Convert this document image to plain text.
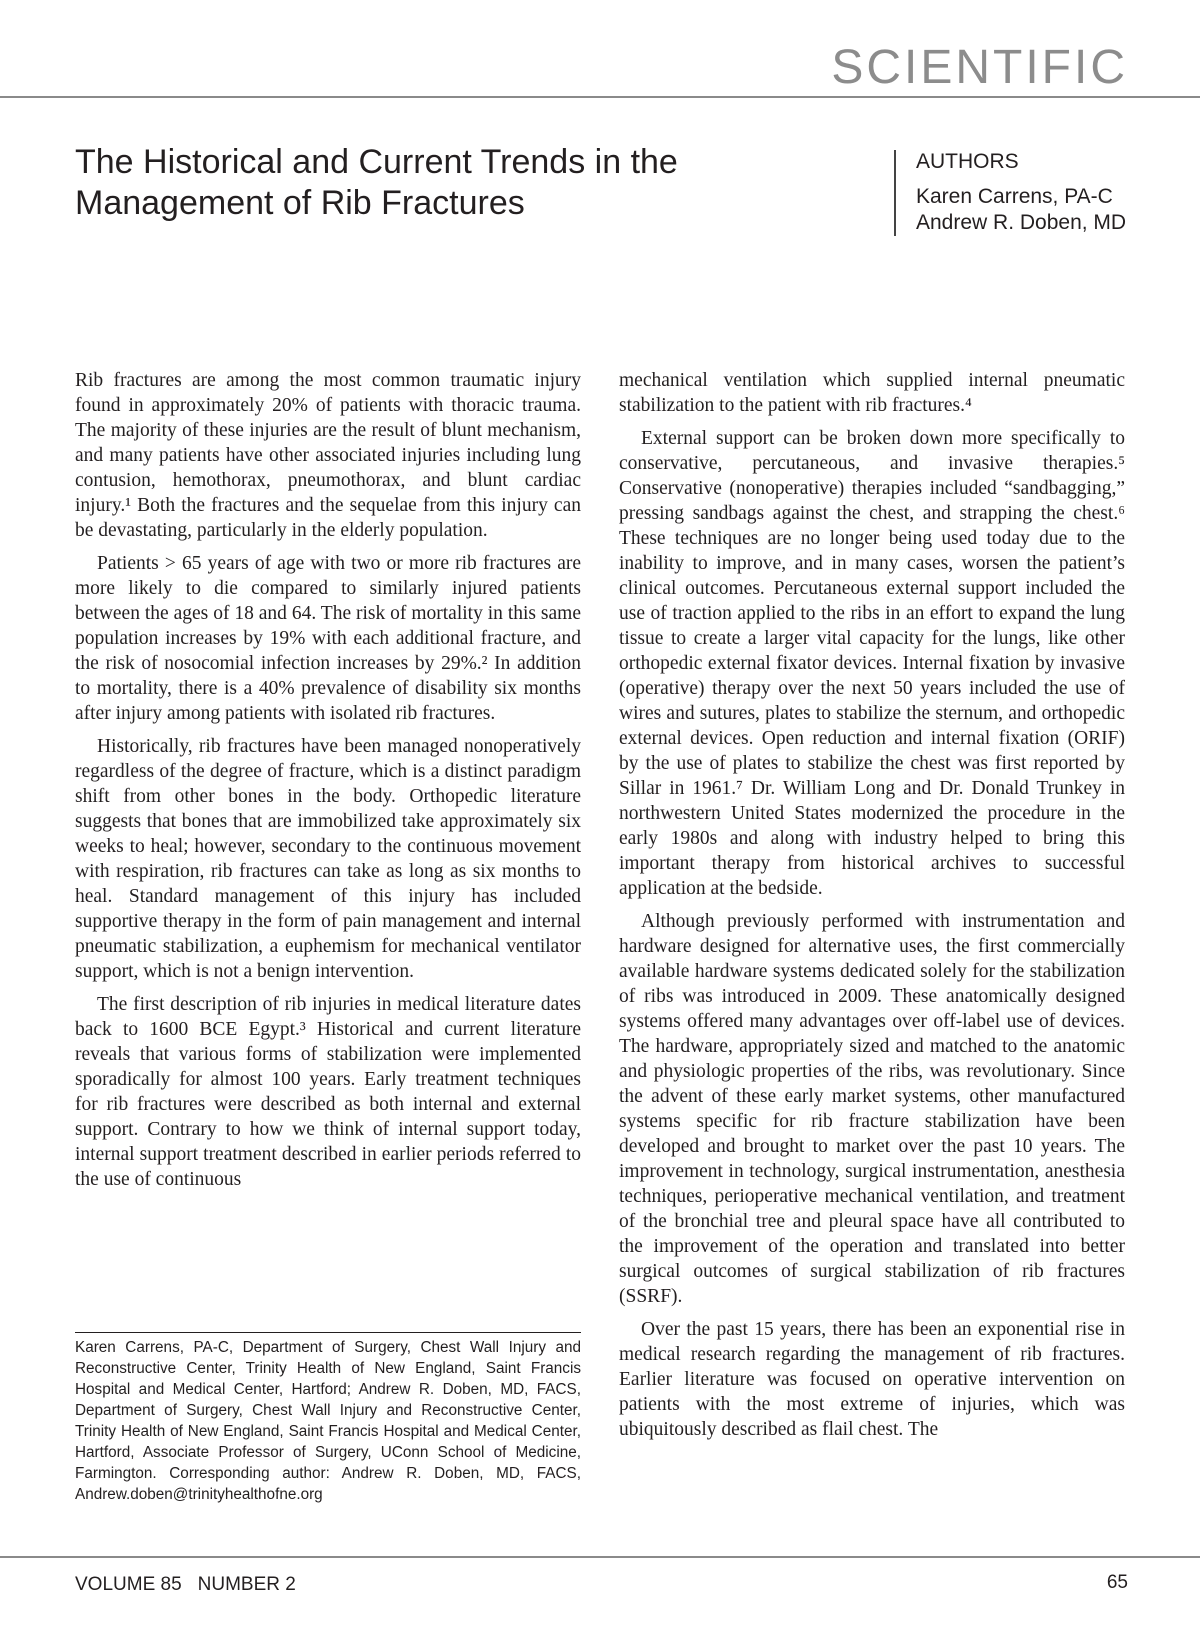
SCIENTIFIC
The Historical and Current Trends in the Management of Rib Fractures
AUTHORS
Karen Carrens, PA-C
Andrew R. Doben, MD

Rib fractures are among the most common traumatic injury found in approximately 20% of patients with thoracic trauma. The majority of these injuries are the result of blunt mechanism, and many patients have other associated injuries including lung contusion, hemothorax, pneumothorax, and blunt cardiac injury.¹ Both the fractures and the sequelae from this injury can be devastating, particularly in the elderly population.

Patients > 65 years of age with two or more rib fractures are more likely to die compared to similarly injured patients between the ages of 18 and 64. The risk of mortality in this same population increases by 19% with each additional fracture, and the risk of nosocomial infection increases by 29%.² In addition to mortality, there is a 40% prevalence of disability six months after injury among patients with isolated rib fractures.

Historically, rib fractures have been managed nonoperatively regardless of the degree of fracture, which is a distinct paradigm shift from other bones in the body. Orthopedic literature suggests that bones that are immobilized take approximately six weeks to heal; however, secondary to the continuous movement with respiration, rib fractures can take as long as six months to heal. Standard management of this injury has included supportive therapy in the form of pain management and internal pneumatic stabilization, a euphemism for mechanical ventilator support, which is not a benign intervention.

The first description of rib injuries in medical literature dates back to 1600 BCE Egypt.³ Historical and current literature reveals that various forms of stabilization were implemented sporadically for almost 100 years. Early treatment techniques for rib fractures were described as both internal and external support. Contrary to how we think of internal support today, internal support treatment described in earlier periods referred to the use of continuous

Karen Carrens, PA-C, Department of Surgery, Chest Wall Injury and Reconstructive Center, Trinity Health of New England, Saint Francis Hospital and Medical Center, Hartford; Andrew R. Doben, MD, FACS, Department of Surgery, Chest Wall Injury and Reconstructive Center, Trinity Health of New England, Saint Francis Hospital and Medical Center, Hartford, Associate Professor of Surgery, UConn School of Medicine, Farmington. Corresponding author: Andrew R. Doben, MD, FACS, Andrew.doben@trinityhealthofne.org

mechanical ventilation which supplied internal pneumatic stabilization to the patient with rib fractures.⁴

External support can be broken down more specifically to conservative, percutaneous, and invasive therapies.⁵ Conservative (nonoperative) therapies included “sandbagging,” pressing sandbags against the chest, and strapping the chest.⁶ These techniques are no longer being used today due to the inability to improve, and in many cases, worsen the patient’s clinical outcomes. Percutaneous external support included the use of traction applied to the ribs in an effort to expand the lung tissue to create a larger vital capacity for the lungs, like other orthopedic external fixator devices. Internal fixation by invasive (operative) therapy over the next 50 years included the use of wires and sutures, plates to stabilize the sternum, and orthopedic external devices. Open reduction and internal fixation (ORIF) by the use of plates to stabilize the chest was first reported by Sillar in 1961.⁷ Dr. William Long and Dr. Donald Trunkey in northwestern United States modernized the procedure in the early 1980s and along with industry helped to bring this important therapy from historical archives to successful application at the bedside.

Although previously performed with instrumentation and hardware designed for alternative uses, the first commercially available hardware systems dedicated solely for the stabilization of ribs was introduced in 2009. These anatomically designed systems offered many advantages over off-label use of devices. The hardware, appropriately sized and matched to the anatomic and physiologic properties of the ribs, was revolutionary. Since the advent of these early market systems, other manufactured systems specific for rib fracture stabilization have been developed and brought to market over the past 10 years. The improvement in technology, surgical instrumentation, anesthesia techniques, perioperative mechanical ventilation, and treatment of the bronchial tree and pleural space have all contributed to the improvement of the operation and translated into better surgical outcomes of surgical stabilization of rib fractures (SSRF).

Over the past 15 years, there has been an exponential rise in medical research regarding the management of rib fractures. Earlier literature was focused on operative intervention on patients with the most extreme of injuries, which was ubiquitously described as flail chest. The

VOLUME 85 NUMBER 2	65
